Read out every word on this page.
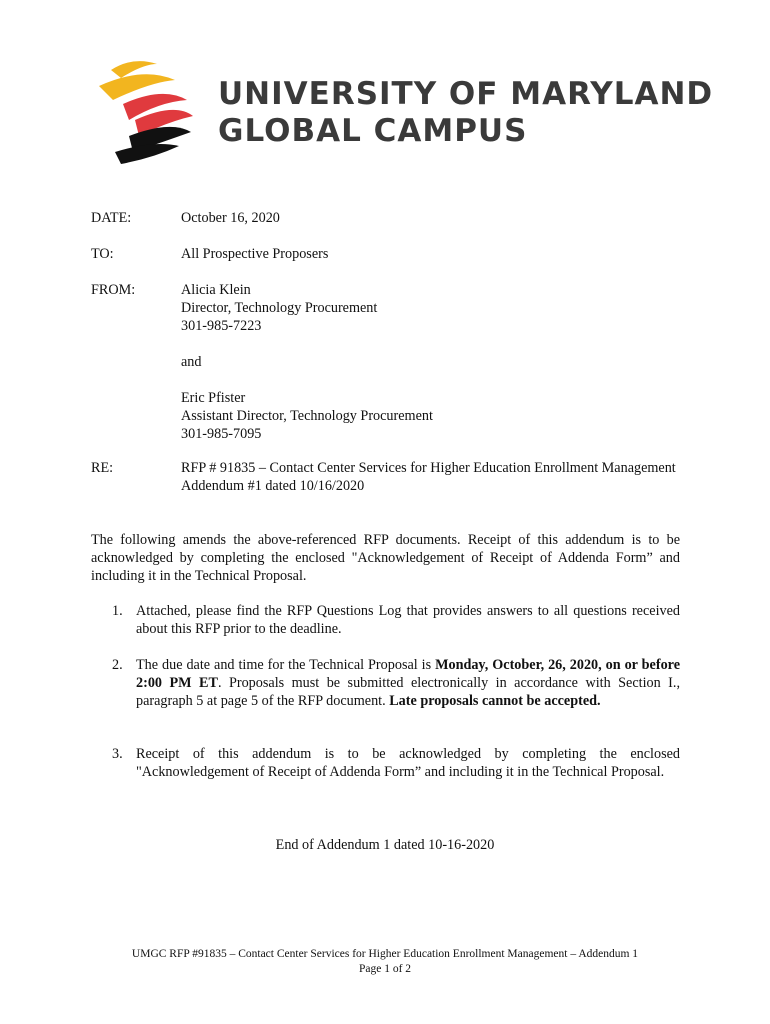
UNIVERSITY OF MARYLAND
GLOBAL CAMPUS
DATE:	October 16, 2020
TO:	All Prospective Proposers
FROM:	Alicia Klein
Director, Technology Procurement
301-985-7223
and
Eric Pfister
Assistant Director, Technology Procurement
301-985-7095
RE:	RFP # 91835 – Contact Center Services for Higher Education Enrollment Management
Addendum #1 dated 10/16/2020
The following amends the above-referenced RFP documents. Receipt of this addendum is to be acknowledged by completing the enclosed "Acknowledgement of Receipt of Addenda Form” and including it in the Technical Proposal.
1. Attached, please find the RFP Questions Log that provides answers to all questions received about this RFP prior to the deadline.
2. The due date and time for the Technical Proposal is Monday, October, 26, 2020, on or before 2:00 PM ET. Proposals must be submitted electronically in accordance with Section I., paragraph 5 at page 5 of the RFP document. Late proposals cannot be accepted.
3. Receipt of this addendum is to be acknowledged by completing the enclosed "Acknowledgement of Receipt of Addenda Form” and including it in the Technical Proposal.
End of Addendum 1 dated 10-16-2020
UMGC RFP #91835 – Contact Center Services for Higher Education Enrollment Management – Addendum 1
Page 1 of 2
